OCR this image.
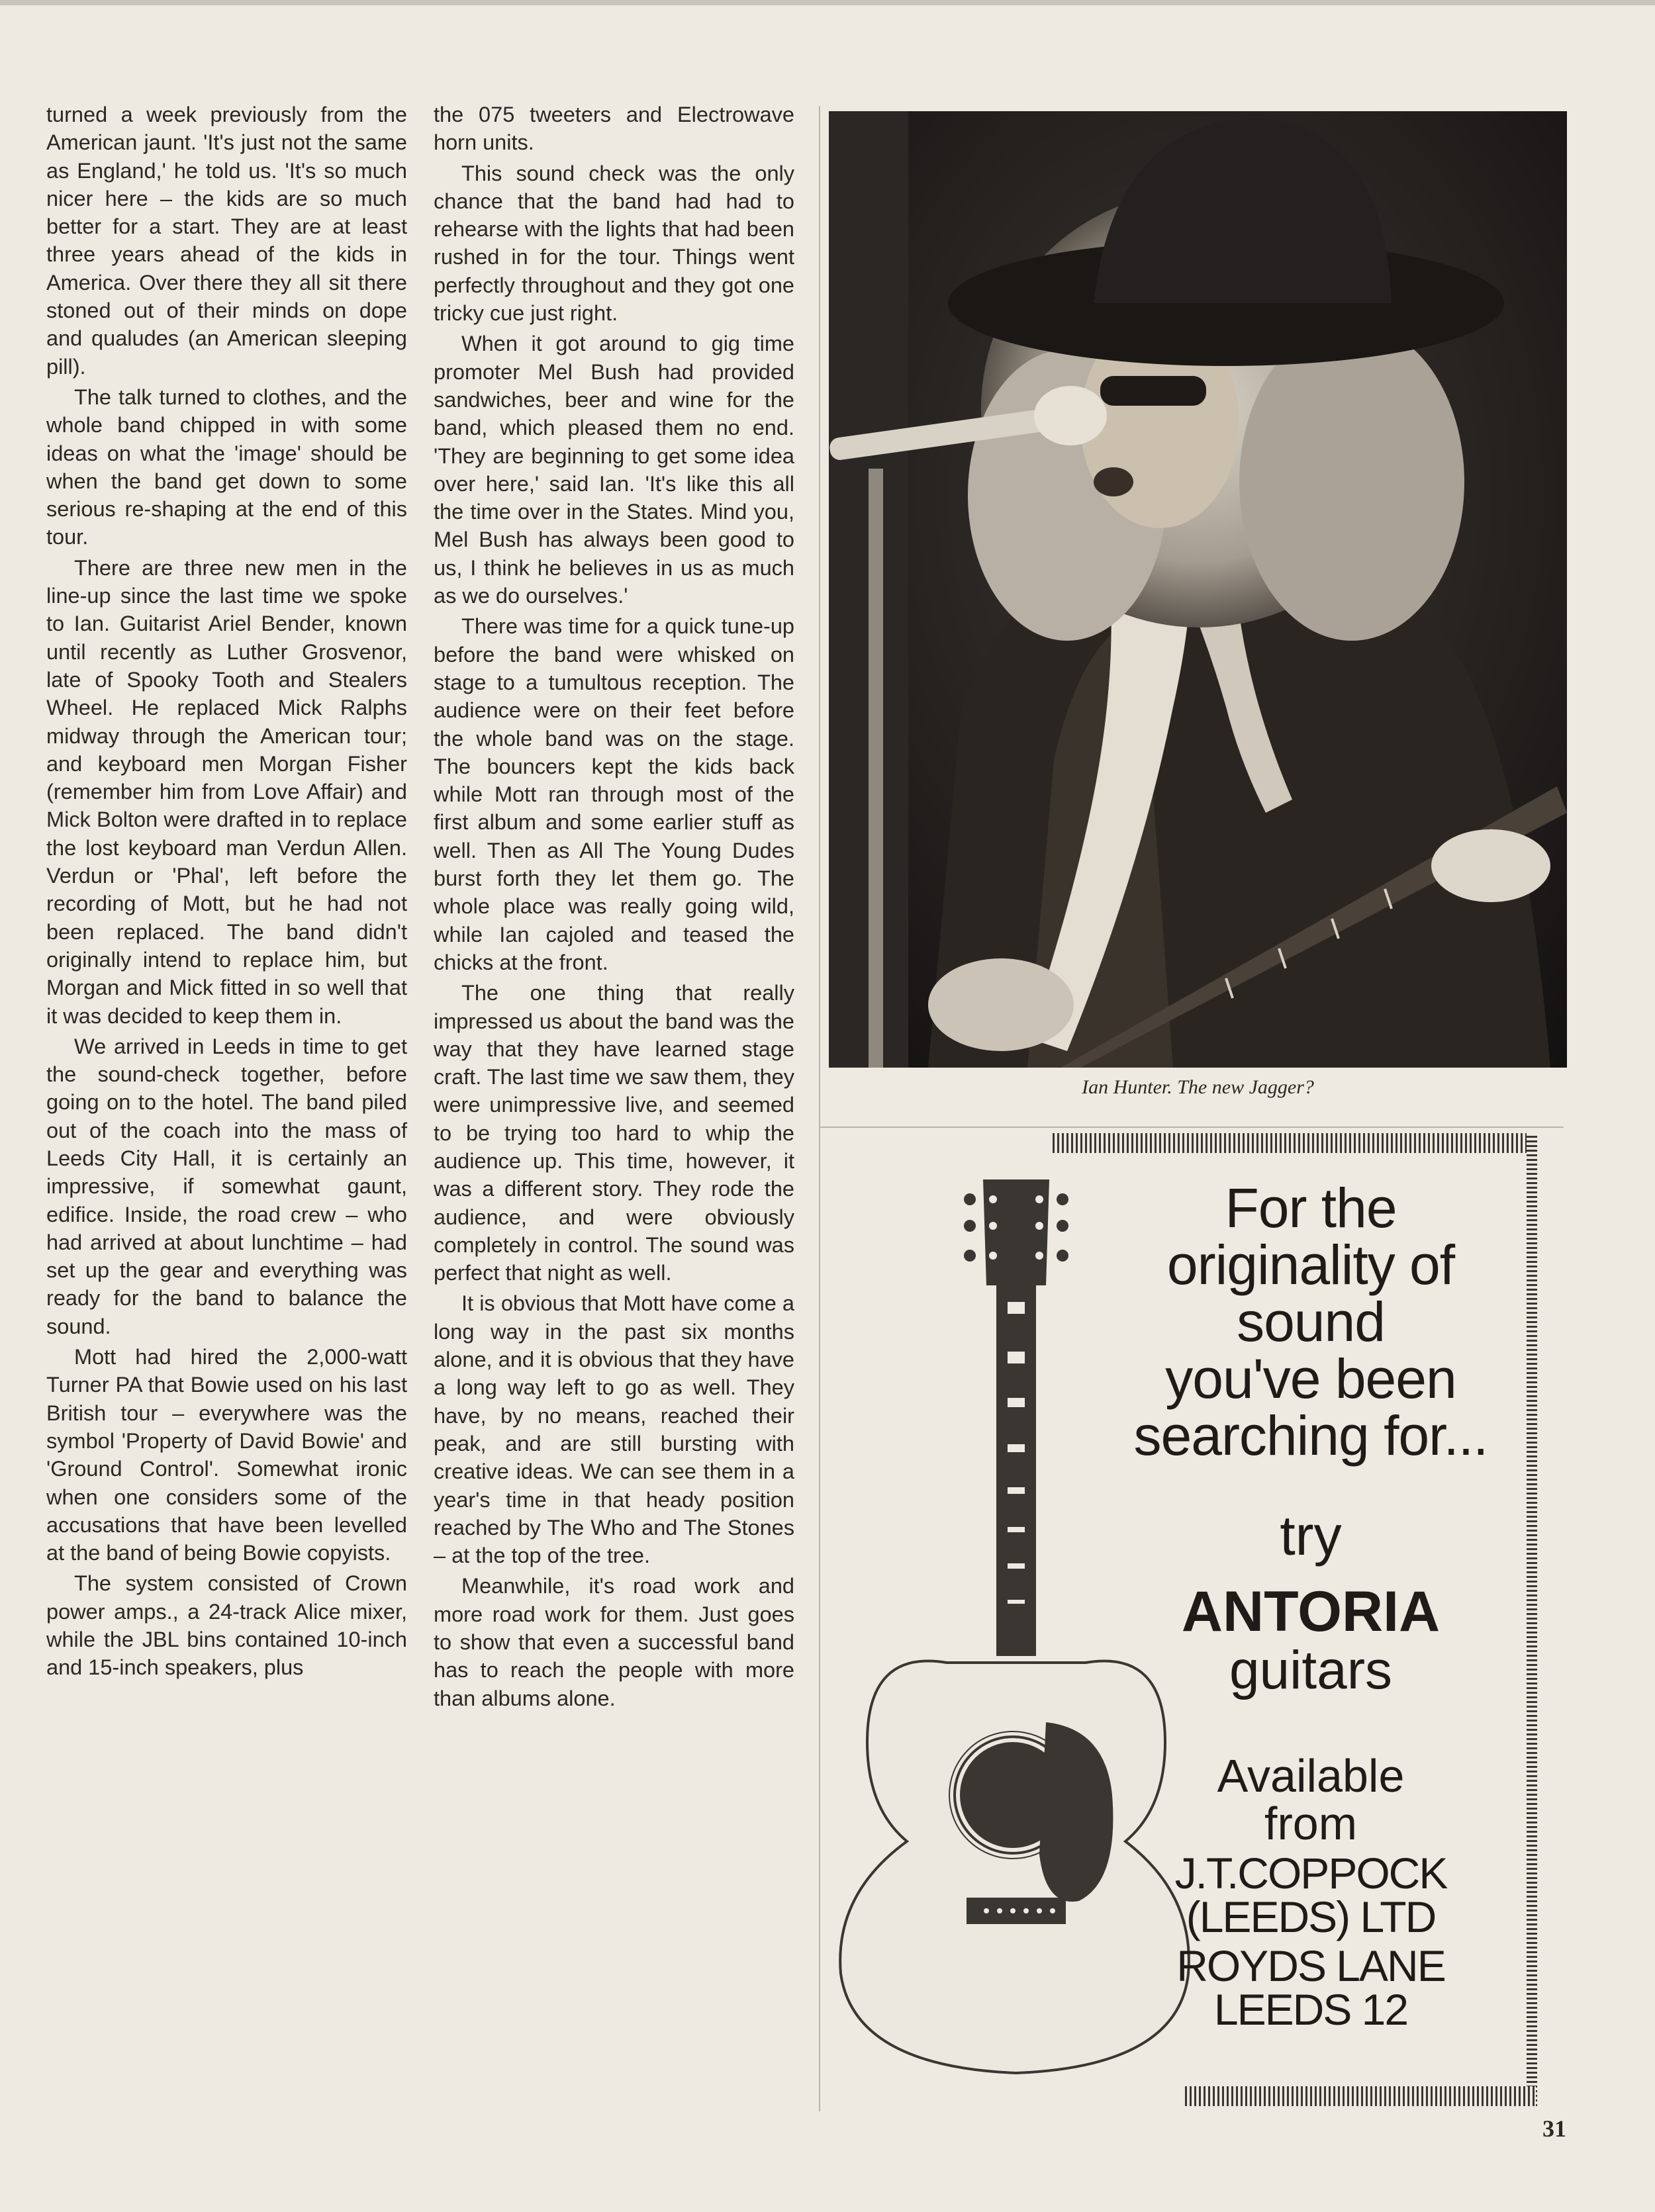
turned a week previously from the American jaunt. 'It's just not the same as England,' he told us. 'It's so much nicer here – the kids are so much better for a start. They are at least three years ahead of the kids in America. Over there they all sit there stoned out of their minds on dope and qualudes (an American sleeping pill).

The talk turned to clothes, and the whole band chipped in with some ideas on what the 'image' should be when the band get down to some serious re-shaping at the end of this tour.

There are three new men in the line-up since the last time we spoke to Ian. Guitarist Ariel Bender, known until recently as Luther Grosvenor, late of Spooky Tooth and Stealers Wheel. He replaced Mick Ralphs midway through the American tour; and keyboard men Morgan Fisher (remember him from Love Affair) and Mick Bolton were drafted in to replace the lost keyboard man Verdun Allen. Verdun or 'Phal', left before the recording of Mott, but he had not been replaced. The band didn't originally intend to replace him, but Morgan and Mick fitted in so well that it was decided to keep them in.

We arrived in Leeds in time to get the sound-check together, before going on to the hotel. The band piled out of the coach into the mass of Leeds City Hall, it is certainly an impressive, if somewhat gaunt, edifice. Inside, the road crew – who had arrived at about lunchtime – had set up the gear and everything was ready for the band to balance the sound.

Mott had hired the 2,000-watt Turner PA that Bowie used on his last British tour – everywhere was the symbol 'Property of David Bowie' and 'Ground Control'. Somewhat ironic when one considers some of the accusations that have been levelled at the band of being Bowie copyists.

The system consisted of Crown power amps., a 24-track Alice mixer, while the JBL bins contained 10-inch and 15-inch speakers, plus

the 075 tweeters and Electrowave horn units.

This sound check was the only chance that the band had had to rehearse with the lights that had been rushed in for the tour. Things went perfectly throughout and they got one tricky cue just right.

When it got around to gig time promoter Mel Bush had provided sandwiches, beer and wine for the band, which pleased them no end. 'They are beginning to get some idea over here,' said Ian. 'It's like this all the time over in the States. Mind you, Mel Bush has always been good to us, I think he believes in us as much as we do ourselves.'

There was time for a quick tune-up before the band were whisked on stage to a tumultous reception. The audience were on their feet before the whole band was on the stage. The bouncers kept the kids back while Mott ran through most of the first album and some earlier stuff as well. Then as All The Young Dudes burst forth they let them go. The whole place was really going wild, while Ian cajoled and teased the chicks at the front.

The one thing that really impressed us about the band was the way that they have learned stage craft. The last time we saw them, they were unimpressive live, and seemed to be trying too hard to whip the audience up. This time, however, it was a different story. They rode the audience, and were obviously completely in control. The sound was perfect that night as well.

It is obvious that Mott have come a long way in the past six months alone, and it is obvious that they have a long way left to go as well. They have, by no means, reached their peak, and are still bursting with creative ideas. We can see them in a year's time in that heady position reached by The Who and The Stones – at the top of the tree.

Meanwhile, it's road work and more road work for them. Just goes to show that even a successful band has to reach the people with more than albums alone.

Ian Hunter. The new Jagger?
For the
originality of
sound
you've been
searching for...
try
ANTORIA
guitars
Available
from
J.T.COPPOCK
(LEEDS) LTD
ROYDS LANE
LEEDS 12
31
